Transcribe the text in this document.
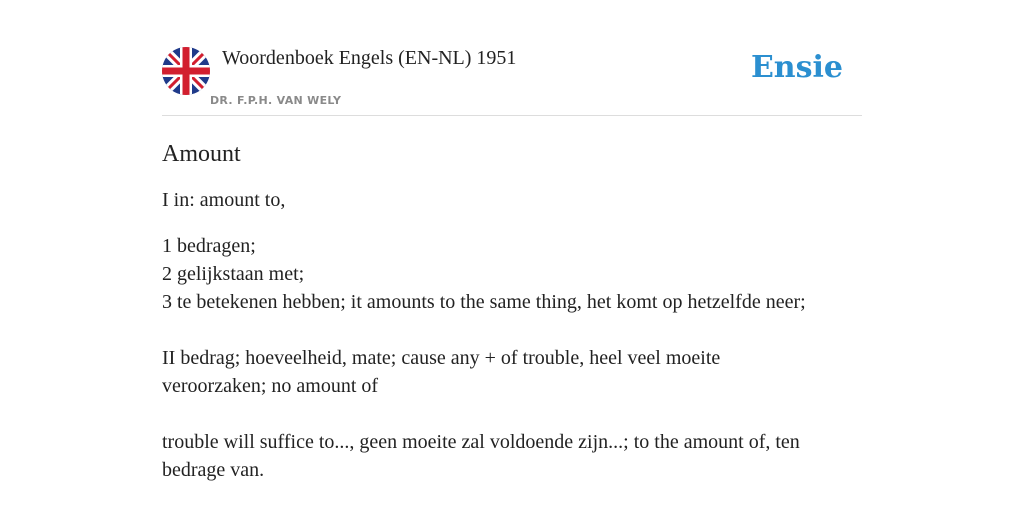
Woordenboek Engels (EN-NL) 1951
DR. F.P.H. VAN WELY
Ensie
Amount
I in: amount to,
1 bedragen;
2 gelijkstaan met;
3 te betekenen hebben; it amounts to the same thing, het komt op hetzelfde neer;
II bedrag; hoeveelheid, mate; cause any + of trouble, heel veel moeite
veroorzaken; no amount of
trouble will suffice to..., geen moeite zal voldoende zijn...; to the amount of, ten
bedrage van.
